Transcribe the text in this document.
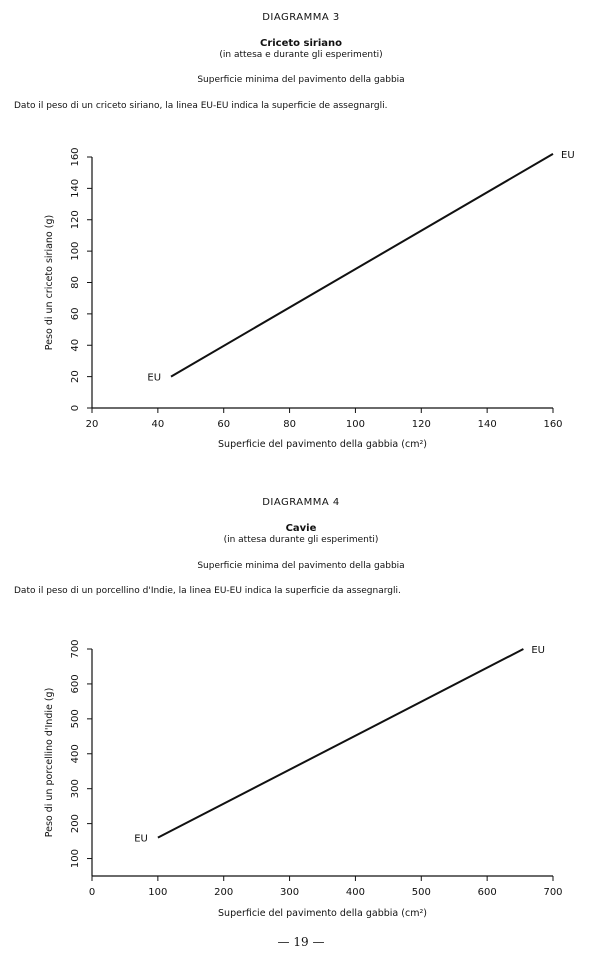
DIAGRAMMA 3
Criceto siriano
(in attesa e durante gli esperimenti)
Superficie minima del pavimento della gabbia
Dato il peso di un criceto siriano, la linea EU-EU indica la superficie de assegnargli.
20	40	60	80	100	120	140	160
0
20
40
60
80
100
120
140
160
Superficie del pavimento della gabbia (cm²)
Peso di un criceto siriano (g)
EU
EU
DIAGRAMMA 4
Cavie
(in attesa durante gli esperimenti)
Superficie minima del pavimento della gabbia
Dato il peso di un porcellino d'Indie, la linea EU-EU indica la superficie da assegnargli.
0	100	200	300	400	500	600	700
100
200
300
400
500
600
700
Superficie del pavimento della gabbia (cm²)
Peso di un porcellino d'Indie (g)
EU
EU
— 19 —
